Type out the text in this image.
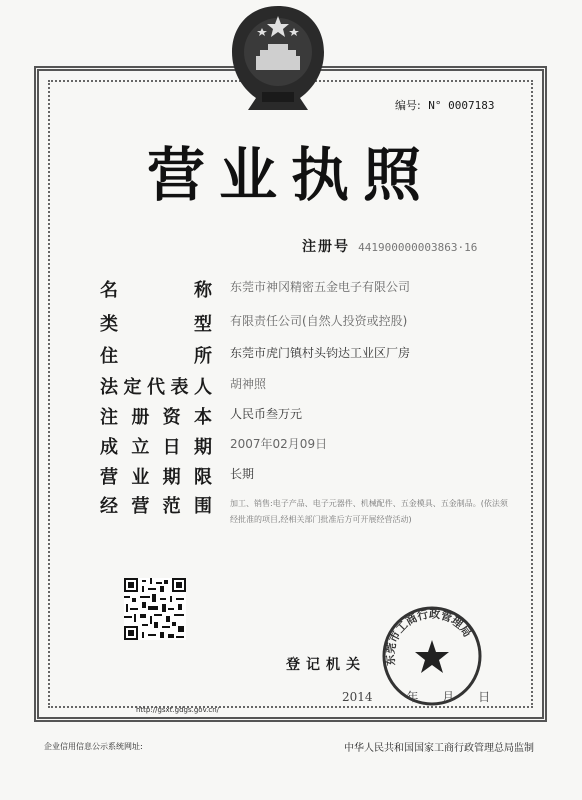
编号: N° 0007183
营业执照
注册号 441900000003863·16
名	称 东莞市神冈精密五金电子有限公司
类	型 有限责任公司(自然人投资或控股)
住	所 东莞市虎门镇村头钧达工业区厂房
法 定 代 表 人 胡神照
注 册 资 本 人民币叁万元
成 立 日 期 2007年02月09日
营 业 期 限 长期
经 营 范 围 加工、销售:电子产品、电子元器件、机械配件、五金模具、五金制品。(依法须经批准的项目,经相关部门批准后方可开展经营活动)
http://gsxt.gdgs.gov.cn/
东莞市工商行政管理局
登记机关
2014	年 月 日
企业信用信息公示系统网址:	中华人民共和国国家工商行政管理总局监制
